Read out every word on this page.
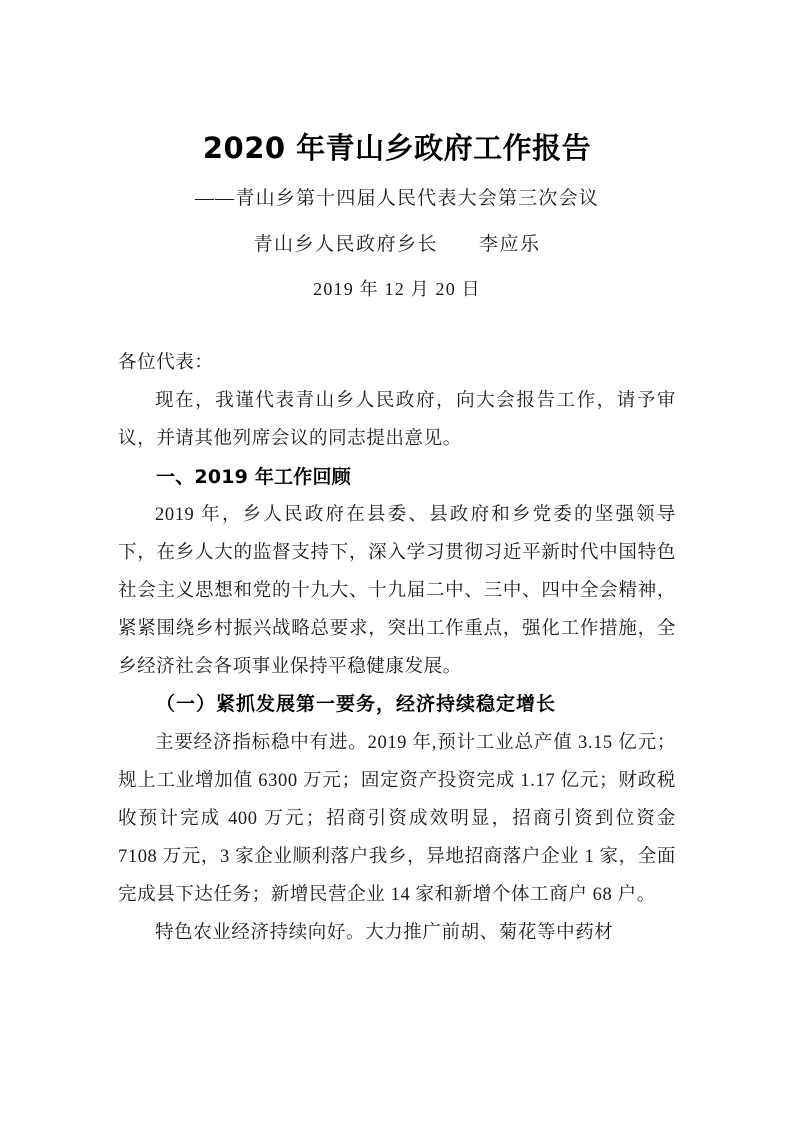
2020 年青山乡政府工作报告

——青山乡第十四届人民代表大会第三次会议

青山乡人民政府乡长　　李应乐

2019 年 12 月 20 日

各位代表：

现在，我谨代表青山乡人民政府，向大会报告工作，请予审议，并请其他列席会议的同志提出意见。

一、2019 年工作回顾

2019 年，乡人民政府在县委、县政府和乡党委的坚强领导下，在乡人大的监督支持下，深入学习贯彻习近平新时代中国特色社会主义思想和党的十九大、十九届二中、三中、四中全会精神，紧紧围绕乡村振兴战略总要求，突出工作重点，强化工作措施，全乡经济社会各项事业保持平稳健康发展。

（一）紧抓发展第一要务，经济持续稳定增长

主要经济指标稳中有进。2019 年,预计工业总产值 3.15 亿元；规上工业增加值 6300 万元；固定资产投资完成 1.17 亿元；财政税收预计完成 400 万元；招商引资成效明显，招商引资到位资金 7108 万元，3 家企业顺利落户我乡，异地招商落户企业 1 家，全面完成县下达任务；新增民营企业 14 家和新增个体工商户 68 户。

特色农业经济持续向好。大力推广前胡、菊花等中药材
